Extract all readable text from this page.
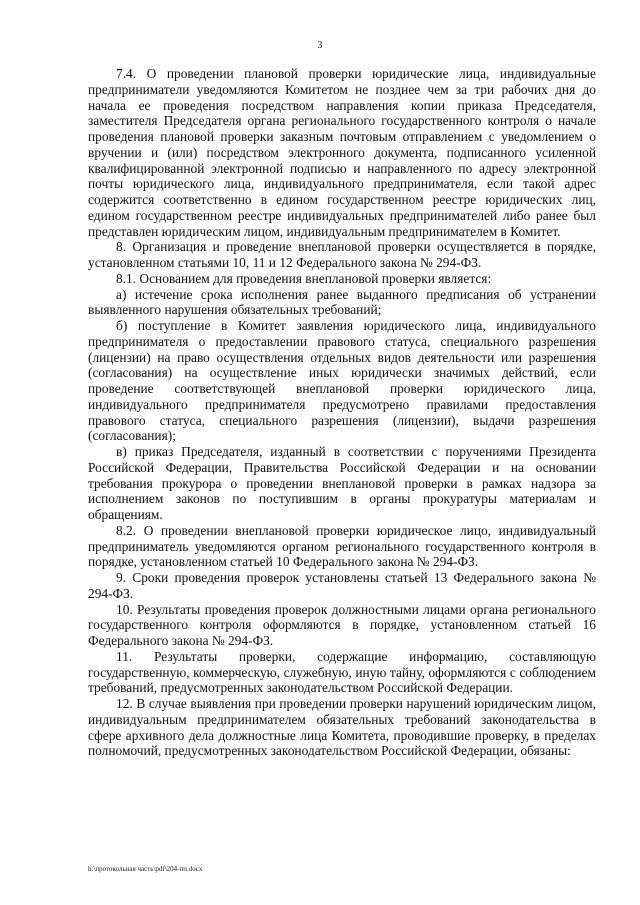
3

7.4. О проведении плановой проверки юридические лица, индивидуальные предприниматели уведомляются Комитетом не позднее чем за три рабочих дня до начала ее проведения посредством направления копии приказа Председателя, заместителя Председателя органа регионального государственного контроля о начале проведения плановой проверки заказным почтовым отправлением с уведомлением о вручении и (или) посредством электронного документа, подписанного усиленной квалифицированной электронной подписью и направленного по адресу электронной почты юридического лица, индивидуального предпринимателя, если такой адрес содержится соответственно в едином государственном реестре юридических лиц, едином государственном реестре индивидуальных предпринимателей либо ранее был представлен юридическим лицом, индивидуальным предпринимателем в Комитет.

8. Организация и проведение внеплановой проверки осуществляется в порядке, установленном статьями 10, 11 и 12 Федерального закона № 294-ФЗ.

8.1. Основанием для проведения внеплановой проверки является:

а) истечение срока исполнения ранее выданного предписания об устранении выявленного нарушения обязательных требований;

б) поступление в Комитет заявления юридического лица, индивидуального предпринимателя о предоставлении правового статуса, специального разрешения (лицензии) на право осуществления отдельных видов деятельности или разрешения (согласования) на осуществление иных юридически значимых действий, если проведение соответствующей внеплановой проверки юридического лица, индивидуального предпринимателя предусмотрено правилами предоставления правового статуса, специального разрешения (лицензии), выдачи разрешения (согласования);

в) приказ Председателя, изданный в соответствии с поручениями Президента Российской Федерации, Правительства Российской Федерации и на основании требования прокурора о проведении внеплановой проверки в рамках надзора за исполнением законов по поступившим в органы прокуратуры материалам и обращениям.

8.2. О проведении внеплановой проверки юридическое лицо, индивидуальный предприниматель уведомляются органом регионального государственного контроля в порядке, установленном статьей 10 Федерального закона № 294-ФЗ.

9. Сроки проведения проверок установлены статьей 13 Федерального закона № 294-ФЗ.

10. Результаты проведения проверок должностными лицами органа регионального государственного контроля оформляются в порядке, установленном статьей 16 Федерального закона № 294-ФЗ.

11. Результаты проверки, содержащие информацию, составляющую государственную, коммерческую, служебную, иную тайну, оформляются с соблюдением требований, предусмотренных законодательством Российской Федерации.

12. В случае выявления при проведении проверки нарушений юридическим лицом, индивидуальным предпринимателем обязательных требований законодательства в сфере архивного дела должностные лица Комитета, проводившие проверку, в пределах полномочий, предусмотренных законодательством Российской Федерации, обязаны:

h:\протокольная часть\pdf\204-пп.docx
